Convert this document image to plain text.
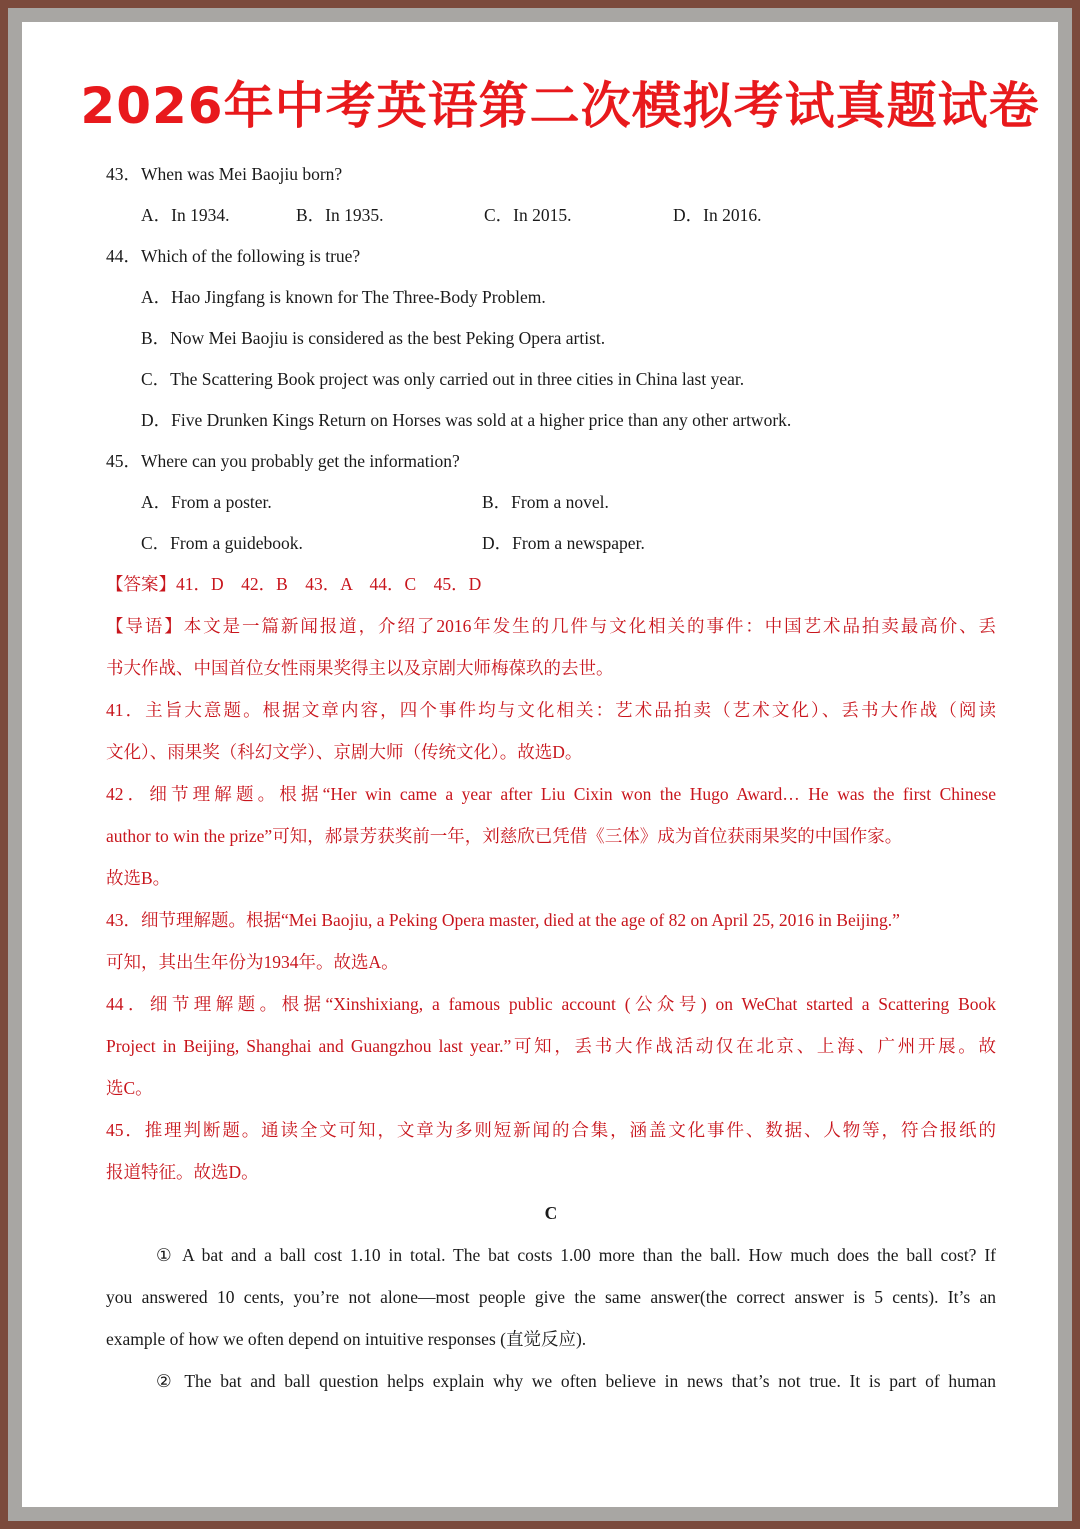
2026年中考英语第二次模拟考试真题试卷
43．When was Mei Baojiu born?
A．In 1934.	B．In 1935.	C．In 2015.	D．In 2016.
44．Which of the following is true?
A．Hao Jingfang is known for The Three-Body Problem.
B．Now Mei Baojiu is considered as the best Peking Opera artist.
C．The Scattering Book project was only carried out in three cities in China last year.
D．Five Drunken Kings Return on Horses was sold at a higher price than any other artwork.
45．Where can you probably get the information?
A．From a poster.	B．From a novel.
C．From a guidebook.	D．From a newspaper.
【答案】41．D　42．B　43．A　44．C　45．D
【导语】本文是一篇新闻报道，介绍了2016年发生的几件与文化相关的事件：中国艺术品拍卖最高价、丢
书大作战、中国首位女性雨果奖得主以及京剧大师梅葆玖的去世。
41．主旨大意题。根据文章内容，四个事件均与文化相关：艺术品拍卖（艺术文化）、丢书大作战（阅读
文化）、雨果奖（科幻文学）、京剧大师（传统文化）。故选D。
42．细节理解题。根据“Her win came a year after Liu Cixin won the Hugo Award… He was the first Chinese
author to win the prize”可知，郝景芳获奖前一年，刘慈欣已凭借《三体》成为首位获雨果奖的中国作家。
故选B。
43．细节理解题。根据“Mei Baojiu, a Peking Opera master, died at the age of 82 on April 25, 2016 in Beijing.”
可知，其出生年份为1934年。故选A。
44．细节理解题。根据“Xinshixiang, a famous public account (公众号) on WeChat started a Scattering Book
Project in Beijing, Shanghai and Guangzhou last year.”可知，丢书大作战活动仅在北京、上海、广州开展。故
选C。
45．推理判断题。通读全文可知，文章为多则短新闻的合集，涵盖文化事件、数据、人物等，符合报纸的
报道特征。故选D。
C
① A bat and a ball cost 1.10 in total. The bat costs 1.00 more than the ball. How much does the ball cost? If
you answered 10 cents, you’re not alone—most people give the same answer(the correct answer is 5 cents). It’s an
example of how we often depend on intuitive responses (直觉反应).
② The bat and ball question helps explain why we often believe in news that’s not true. It is part of human
